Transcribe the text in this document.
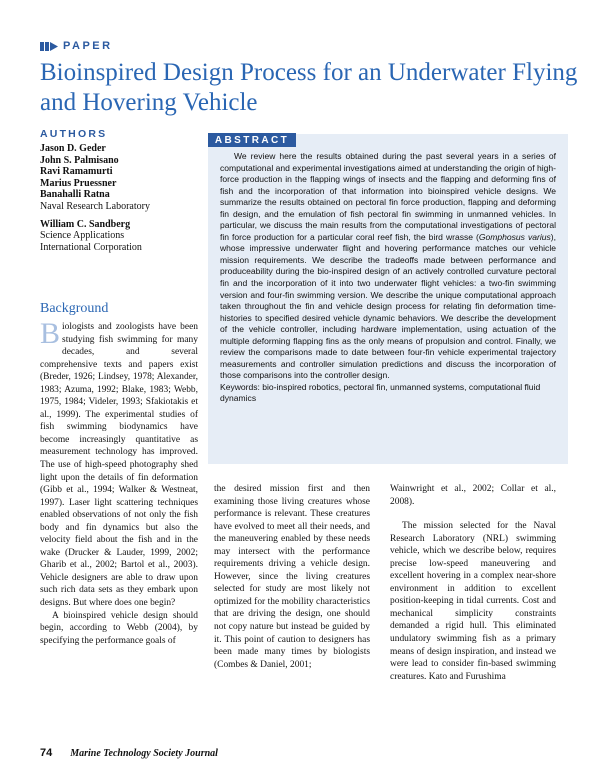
PAPER
Bioinspired Design Process for an Underwater Flying and Hovering Vehicle
AUTHORS
Jason D. Geder
John S. Palmisano
Ravi Ramamurti
Marius Pruessner
Banahalli Ratna
Naval Research Laboratory
William C. Sandberg
Science Applications
International Corporation

We review here the results obtained during the past several years in a series of computational and experimental investigations aimed at understanding the origin of high-force production in the flapping wings of insects and the flapping and deforming fins of fish and the incorporation of that information into bioinspired vehicle designs. We summarize the results obtained on pectoral fin force production, flapping and deforming fin design, and the emulation of fish pectoral fin swimming in unmanned vehicles. In particular, we discuss the main results from the computational investigations of pectoral fin force production for a particular coral reef fish, the bird wrasse (Gomphosus varius), whose impressive underwater flight and hovering performance matches our vehicle mission requirements. We describe the tradeoffs made between performance and produceability during the bio-inspired design of an actively controlled curvature pectoral fin and the incorporation of it into two underwater flight vehicles: a two-fin swimming version and four-fin swimming version. We describe the unique computational approach taken throughout the fin and vehicle design process for relating fin deformation time-histories to specified desired vehicle dynamic behaviors. We describe the development of the vehicle controller, including hardware implementation, using actuation of the multiple deforming flapping fins as the only means of propulsion and control. Finally, we review the comparisons made to date between four-fin vehicle experimental trajectory measurements and controller simulation predictions and discuss the incorporation of those comparisons into the controller design.

Keywords: bio-inspired robotics, pectoral fin, unmanned systems, computational fluid dynamics

ABSTRACT
Background

Biologists and zoologists have been studying fish swimming for many decades, and several comprehensive texts and papers exist (Breder, 1926; Lindsey, 1978; Alexander, 1983; Azuma, 1992; Blake, 1983; Webb, 1975, 1984; Videler, 1993; Sfakiotakis et al., 1999). The experimental studies of fish swimming biodynamics have become increasingly quantitative as measurement technology has improved. The use of high-speed photography shed light upon the details of fin deformation (Gibb et al., 1994; Walker & Westneat, 1997). Laser light scattering techniques enabled observations of not only the fish body and fin dynamics but also the velocity field about the fish and in the wake (Drucker & Lauder, 1999, 2002; Gharib et al., 2002; Bartol et al., 2003). Vehicle designers are able to draw upon such rich data sets as they embark upon designs. But where does one begin?

A bioinspired vehicle design should begin, according to Webb (2004), by specifying the performance goals of

the desired mission first and then examining those living creatures whose performance is relevant. These creatures have evolved to meet all their needs, and the maneuvering enabled by these needs may intersect with the performance requirements driving a vehicle design. However, since the living creatures selected for study are most likely not optimized for the mobility characteristics that are driving the design, one should not copy nature but instead be guided by it. This point of caution to designers has been made many times by biologists (Combes & Daniel, 2001;

Wainwright et al., 2002; Collar et al., 2008).

The mission selected for the Naval Research Laboratory (NRL) swimming vehicle, which we describe below, requires precise low-speed maneuvering and excellent hovering in a complex near-shore environment in addition to excellent position-keeping in tidal currents. Cost and mechanical simplicity constraints demanded a rigid hull. This eliminated undulatory swimming fish as a primary means of design inspiration, and instead we were lead to consider fin-based swimming creatures. Kato and Furushima

74 Marine Technology Society Journal
